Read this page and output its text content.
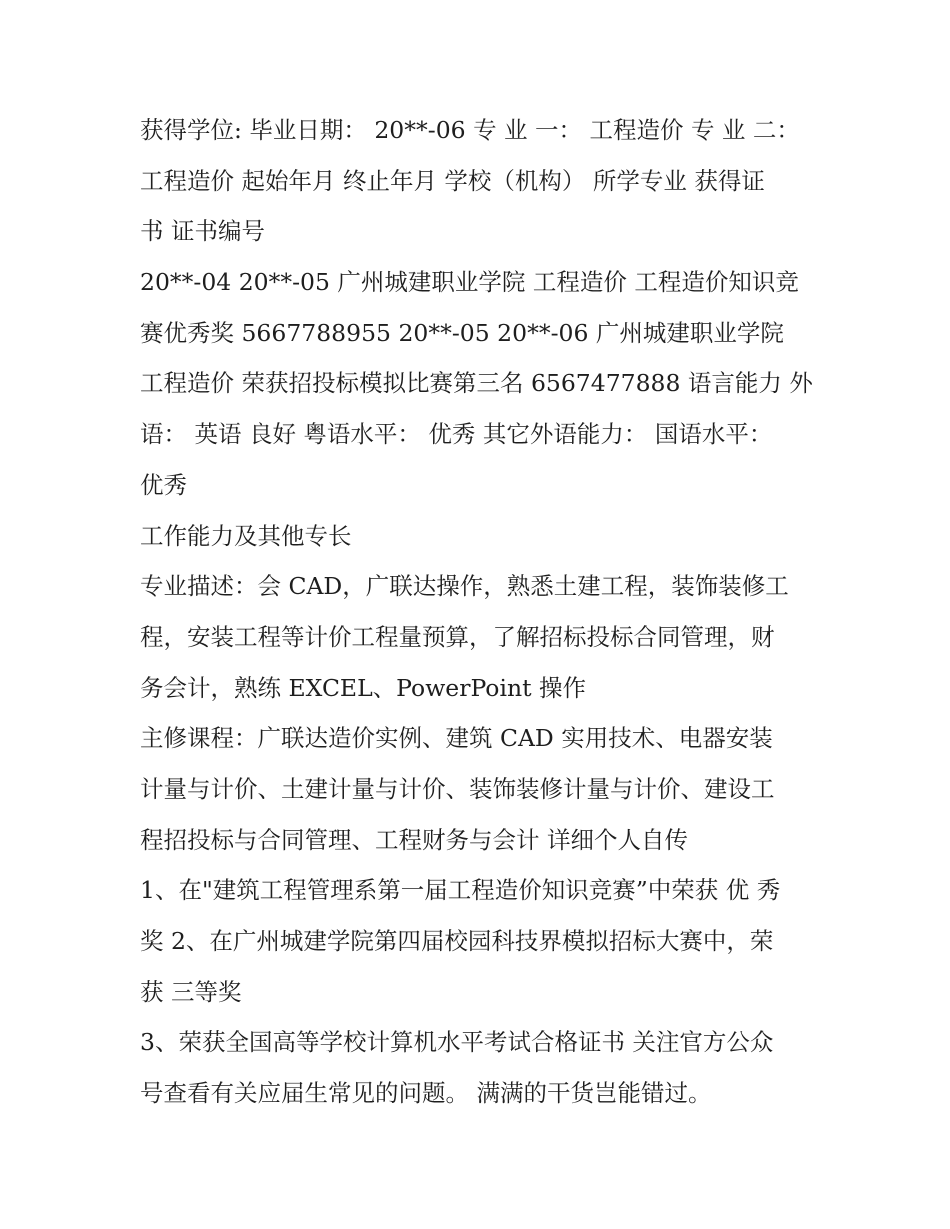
获得学位: 毕业日期： 20**-06 专 业 一： 工程造价 专 业 二：
工程造价 起始年月 终止年月 学校（机构） 所学专业 获得证
书 证书编号
20**-04 20**-05 广州城建职业学院 工程造价 工程造价知识竞
赛优秀奖 5667788955 20**-05 20**-06 广州城建职业学院
工程造价 荣获招投标模拟比赛第三名 6567477888 语言能力 外
语： 英语 良好 粤语水平： 优秀 其它外语能力： 国语水平：
优秀
工作能力及其他专长
专业描述：会 CAD，广联达操作，熟悉土建工程，装饰装修工
程，安装工程等计价工程量预算，了解招标投标合同管理，财
务会计，熟练 EXCEL、PowerPoint 操作
主修课程：广联达造价实例、建筑 CAD 实用技术、电器安装
计量与计价、土建计量与计价、装饰装修计量与计价、建设工
程招投标与合同管理、工程财务与会计 详细个人自传
1、在"建筑工程管理系第一届工程造价知识竞赛”中荣获 优 秀
奖 2、在广州城建学院第四届校园科技界模拟招标大赛中，荣
获 三等奖
3、荣获全国高等学校计算机水平考试合格证书 关注官方公众
号查看有关应届生常见的问题。 满满的干货岂能错过。
